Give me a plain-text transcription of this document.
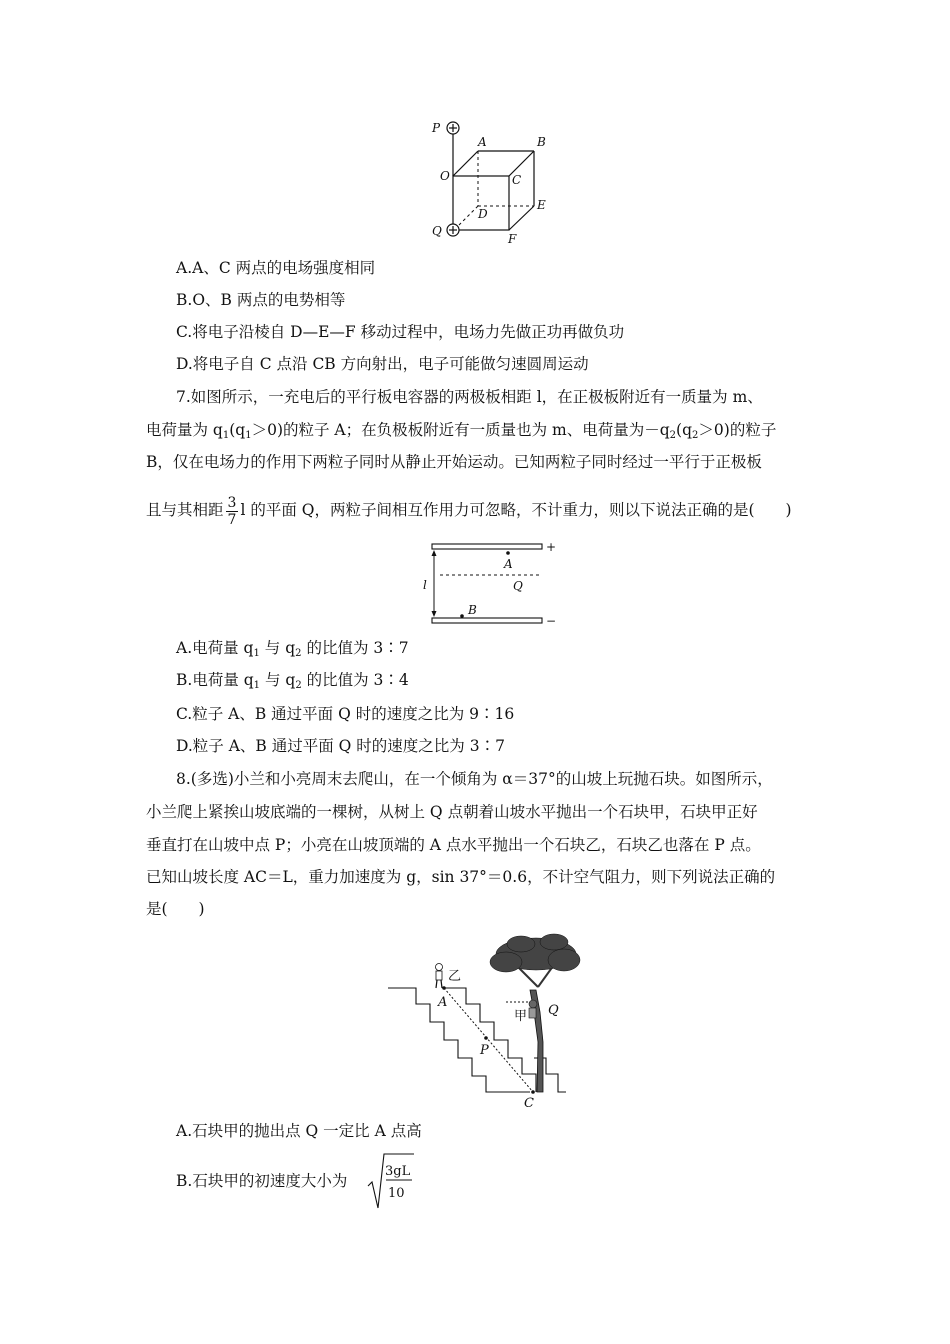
P
A	B
O	C
D
E
Q
F
A.A、C 两点的电场强度相同
B.O、B 两点的电势相等
C.将电子沿棱自 D—E—F 移动过程中，电场力先做正功再做负功
D.将电子自 C 点沿 CB 方向射出，电子可能做匀速圆周运动
7.如图所示，一充电后的平行板电容器的两极板相距 l，在正极板附近有一质量为 m、
电荷量为 $q_1(q_1>0)$的粒子 A；在负极板附近有一质量也为 m、电荷量为$-q_2(q_2>0)$的粒子
B，仅在电场力的作用下两粒子同时从静止开始运动。已知两粒子同时经过一平行于正极板
且与其相距 $\frac{3}{7}$ l 的平面 Q，两粒子间相互作用力可忽略，不计重力，则以下说法正确的是(　　)
+
−
A
Q
l
B
A.电荷量 $q_1$ 与 $q_2$ 的比值为 3∶7
B.电荷量 $q_1$ 与 $q_2$ 的比值为 3∶4
C.粒子 A、B 通过平面 Q 时的速度之比为 9∶16
D.粒子 A、B 通过平面 Q 时的速度之比为 3∶7
8.(多选)小兰和小亮周末去爬山，在一个倾角为 α＝37°的山坡上玩抛石块。如图所示，
小兰爬上紧挨山坡底端的一棵树，从树上 Q 点朝着山坡水平抛出一个石块甲，石块甲正好
垂直打在山坡中点 P；小亮在山坡顶端的 A 点水平抛出一个石块乙，石块乙也落在 P 点。
已知山坡长度 AC＝L，重力加速度为 g，sin 37°＝0.6，不计空气阻力，则下列说法正确的
是(　　)
乙
A
甲 Q
P
C
A.石块甲的抛出点 Q 一定比 A 点高
B.石块甲的初速度大小为
3gL
10
